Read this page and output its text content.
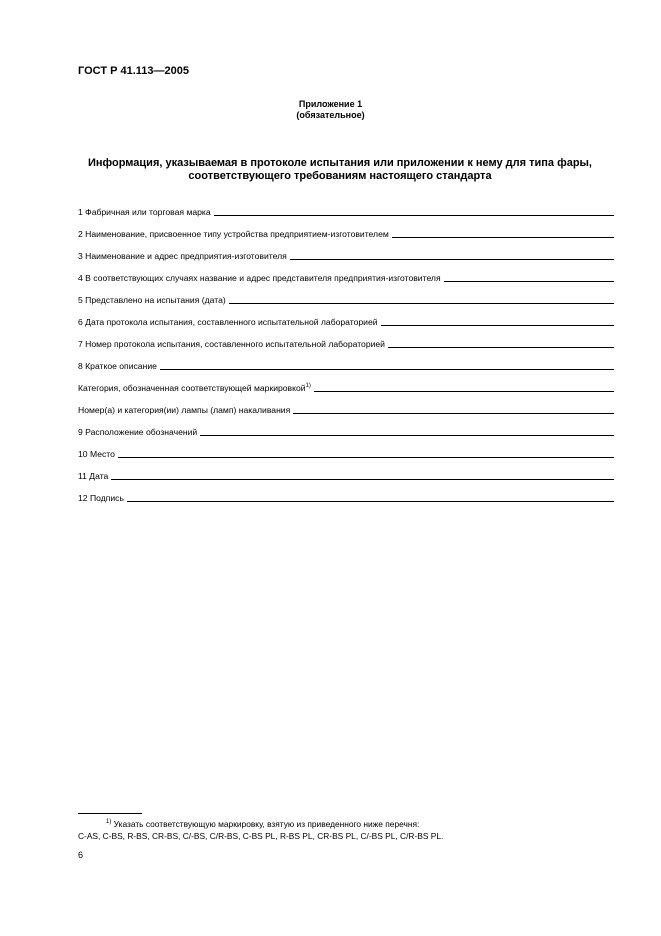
ГОСТ Р 41.113—2005
Приложение 1
(обязательное)
Информация, указываемая в протоколе испытания или приложении к нему для типа фары,
соответствующего требованиям настоящего стандарта
1 Фабричная или торговая марка
2 Наименование, присвоенное типу устройства предприятием-изготовителем
3 Наименование и адрес предприятия-изготовителя
4 В соответствующих случаях название и адрес представителя предприятия-изготовителя
5 Представлено на испытания (дата)
6 Дата протокола испытания, составленного испытательной лабораторией
7 Номер протокола испытания, составленного испытательной лабораторией
8 Краткое описание
Категория, обозначенная соответствующей маркировкой$^{1)}$
Номер(а) и категория(ии) лампы (ламп) накаливания
9 Расположение обозначений
10 Место
11 Дата
12 Подпись
$^{1)}$ Указать соответствующую маркировку, взятую из приведенного ниже перечня:
C-AS, C-BS, R-BS, CR-BS, C/-BS, C/R-BS, C-BS PL, R-BS PL, CR-BS PL, C/-BS PL, C/R-BS PL.
6
